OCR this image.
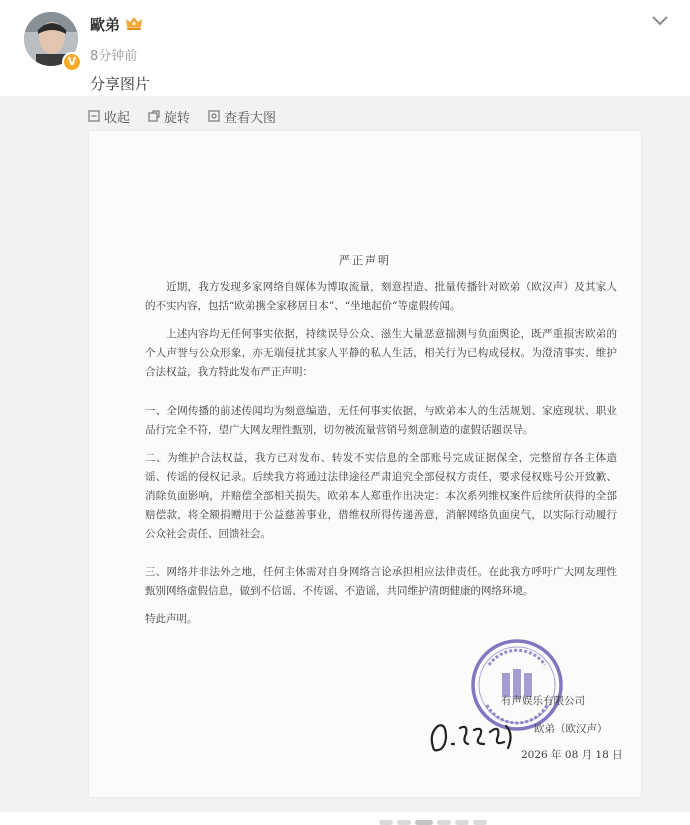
V
歐弟
8分钟前
分享图片
收起	旋转	查看大图
严正声明

近期，我方发现多家网络自媒体为博取流量，刻意捏造、批量传播针对欧弟（欧汉声）及其家人的不实内容，包括“欧弟携全家移居日本”、“坐地起价”等虚假传闻。

上述内容均无任何事实依据，持续误导公众、滋生大量恶意揣测与负面舆论，既严重损害欧弟的个人声誉与公众形象，亦无端侵扰其家人平静的私人生活，相关行为已构成侵权。为澄清事实、维护合法权益，我方特此发布严正声明：

一、全网传播的前述传闻均为刻意编造，无任何事实依据，与欧弟本人的生活规划、家庭现状、职业品行完全不符，望广大网友理性甄别，切勿被流量营销号刻意制造的虚假话题误导。

二、为维护合法权益，我方已对发布、转发不实信息的全部账号完成证据保全，完整留存各主体造谣、传谣的侵权记录。后续我方将通过法律途径严肃追究全部侵权方责任，要求侵权账号公开致歉、消除负面影响，并赔偿全部相关损失。欧弟本人郑重作出决定：本次系列维权案件后续所获得的全部赔偿款，将全额捐赠用于公益慈善事业，借维权所得传递善意，消解网络负面戾气，以实际行动履行公众社会责任、回馈社会。

三、网络并非法外之地，任何主体需对自身网络言论承担相应法律责任。在此我方呼吁广大网友理性甄别网络虚假信息，做到不信谣、不传谣、不造谣，共同维护清朗健康的网络环境。

特此声明。

有声娱乐有限公司
欧弟（欧汉声）
2026 年 08 月 18 日
